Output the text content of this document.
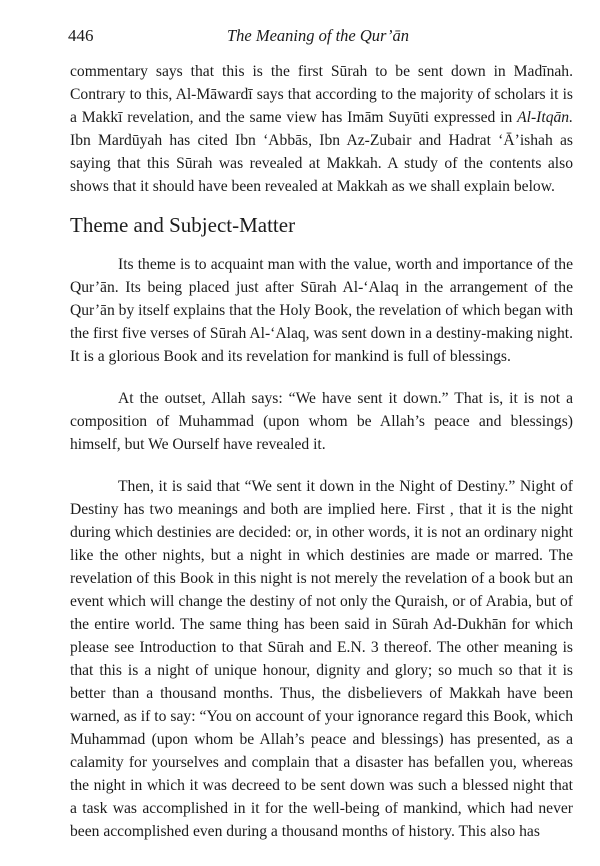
446	The Meaning of the Qur’ān

commentary says that this is the first Sūrah to be sent down in Madīnah. Contrary to this, Al-Māwardī says that according to the majority of scholars it is a Makkī revelation, and the same view has Imām Suyūti expressed in Al-Itqān. Ibn Mardūyah has cited Ibn ‘Abbās, Ibn Az-Zubair and Hadrat ‘Ā’ishah as saying that this Sūrah was revealed at Makkah. A study of the contents also shows that it should have been revealed at Makkah as we shall explain below.

Theme and Subject-Matter

Its theme is to acquaint man with the value, worth and importance of the Qur’ān. Its being placed just after Sūrah Al-‘Alaq in the arrangement of the Qur’ān by itself explains that the Holy Book, the revelation of which began with the first five verses of Sūrah Al-‘Alaq, was sent down in a destiny-making night. It is a glorious Book and its revelation for mankind is full of blessings.

At the outset, Allah says: “We have sent it down.” That is, it is not a composition of Muhammad (upon whom be Allah’s peace and blessings) himself, but We Ourself have revealed it.

Then, it is said that “We sent it down in the Night of Destiny.” Night of Destiny has two meanings and both are implied here. First , that it is the night during which destinies are decided: or, in other words, it is not an ordinary night like the other nights, but a night in which destinies are made or marred. The revelation of this Book in this night is not merely the revelation of a book but an event which will change the destiny of not only the Quraish, or of Arabia, but of the entire world. The same thing has been said in Sūrah Ad-Dukhān for which please see Introduction to that Sūrah and E.N. 3 thereof. The other meaning is that this is a night of unique honour, dignity and glory; so much so that it is better than a thousand months. Thus, the disbelievers of Makkah have been warned, as if to say: “You on account of your ignorance regard this Book, which Muhammad (upon whom be Allah’s peace and blessings) has presented, as a calamity for yourselves and complain that a disaster has befallen you, whereas the night in which it was decreed to be sent down was such a blessed night that a task was accomplished in it for the well-being of mankind, which had never been accomplished even during a thousand months of history. This also has
